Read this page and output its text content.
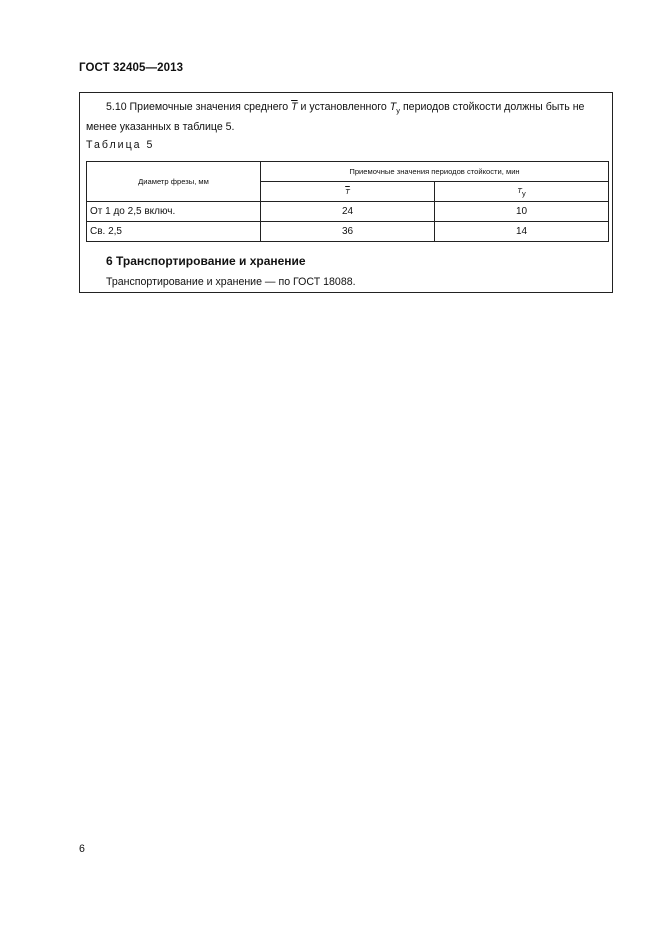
ГОСТ 32405—2013
5.10 Приемочные значения среднего $\overline{T}$ и установленного $T_у$ периодов стойкости должны быть не менее указанных в таблице 5.
Таблица 5
Диаметр фрезы, мм	Приемочные значения периодов стойкости, мин	
	$\overline{T}$	Tу
От 1 до 2,5 включ.	24	10
Св. 2,5	36	14
6 Транспортирование и хранение
Транспортирование и хранение — по ГОСТ 18088.
6
